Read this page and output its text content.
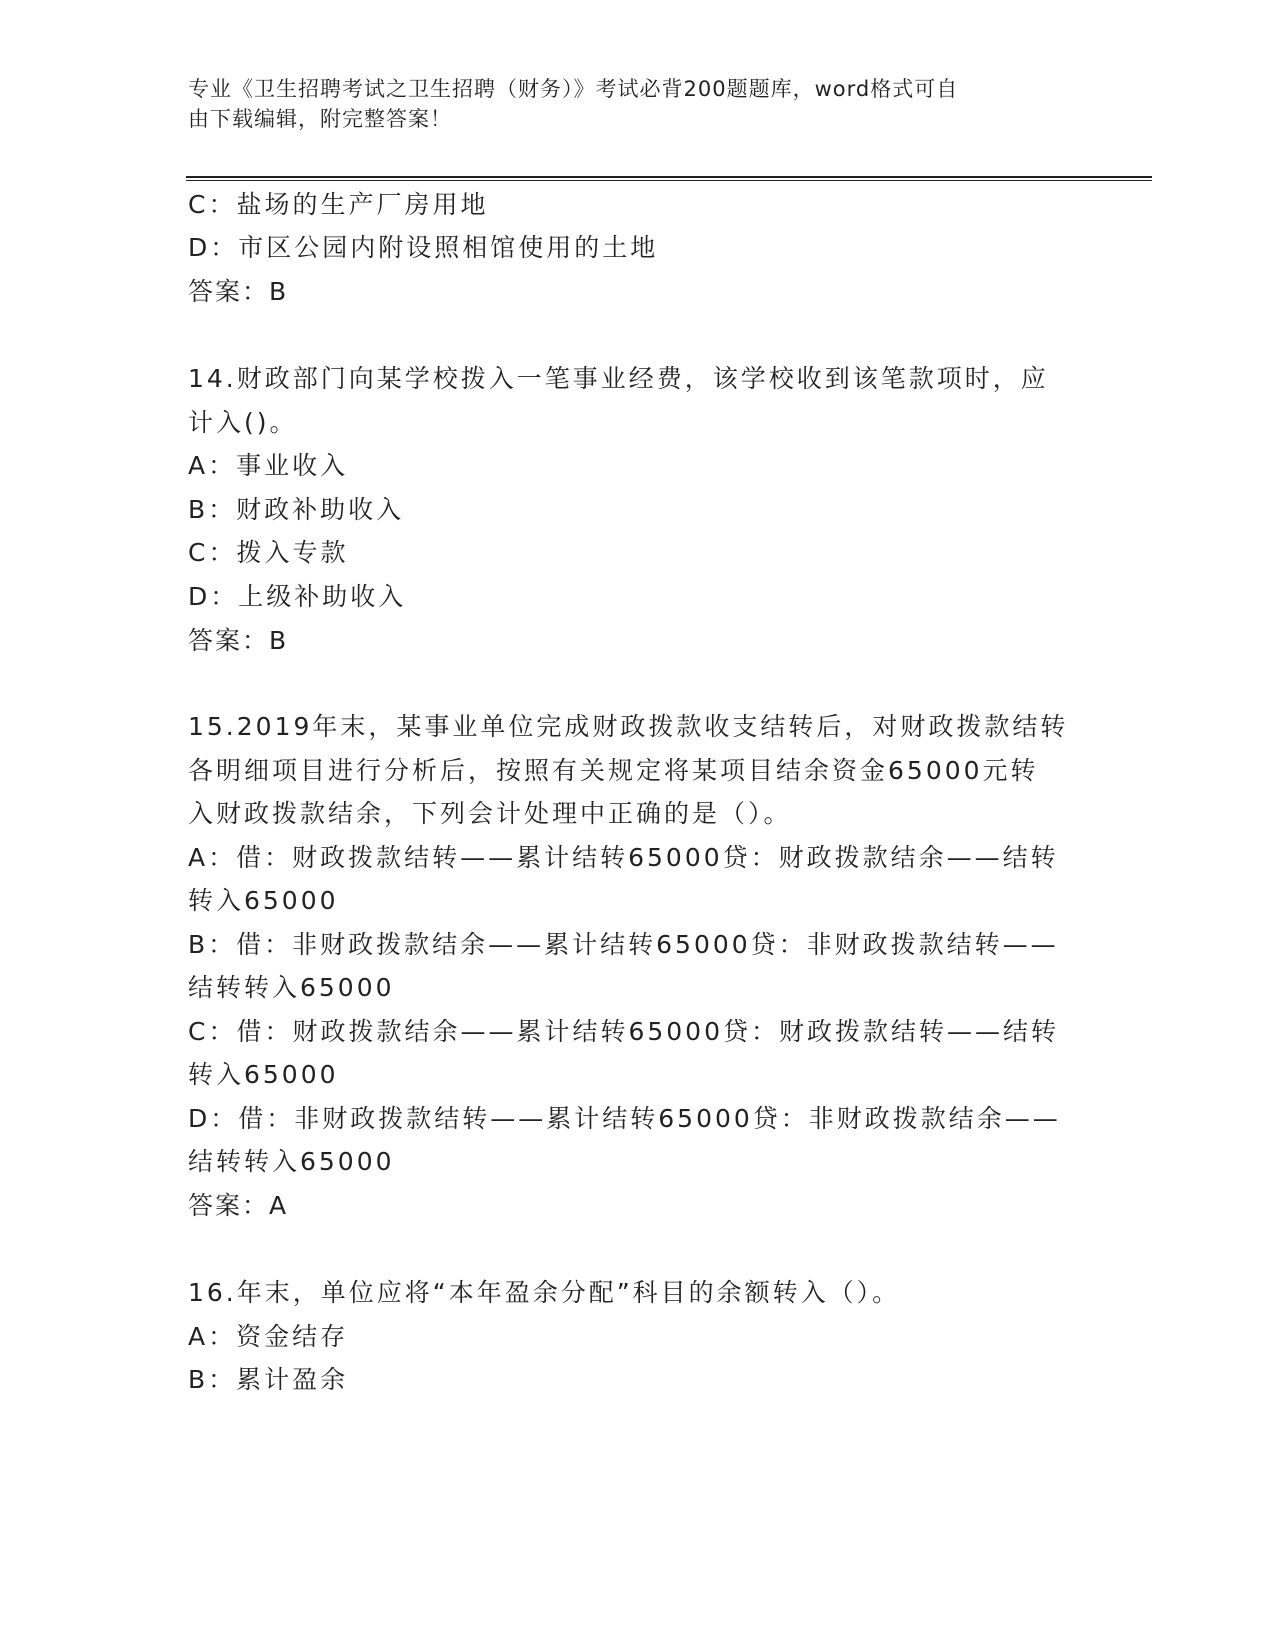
专业《卫生招聘考试之卫生招聘（财务）》考试必背200题题库，word格式可自
由下载编辑，附完整答案！
C：盐场的生产厂房用地
D：市区公园内附设照相馆使用的土地
答案：B
14.财政部门向某学校拨入一笔事业经费，该学校收到该笔款项时，应
计入()。
A：事业收入
B：财政补助收入
C：拨入专款
D：上级补助收入
答案：B
15.2019年末，某事业单位完成财政拨款收支结转后，对财政拨款结转
各明细项目进行分析后，按照有关规定将某项目结余资金65000元转
入财政拨款结余，下列会计处理中正确的是（）。
A：借：财政拨款结转——累计结转65000贷：财政拨款结余——结转
转入65000
B：借：非财政拨款结余——累计结转65000贷：非财政拨款结转——
结转转入65000
C：借：财政拨款结余——累计结转65000贷：财政拨款结转——结转
转入65000
D：借：非财政拨款结转——累计结转65000贷：非财政拨款结余——
结转转入65000
答案：A
16.年末，单位应将“本年盈余分配”科目的余额转入（）。
A：资金结存
B：累计盈余
